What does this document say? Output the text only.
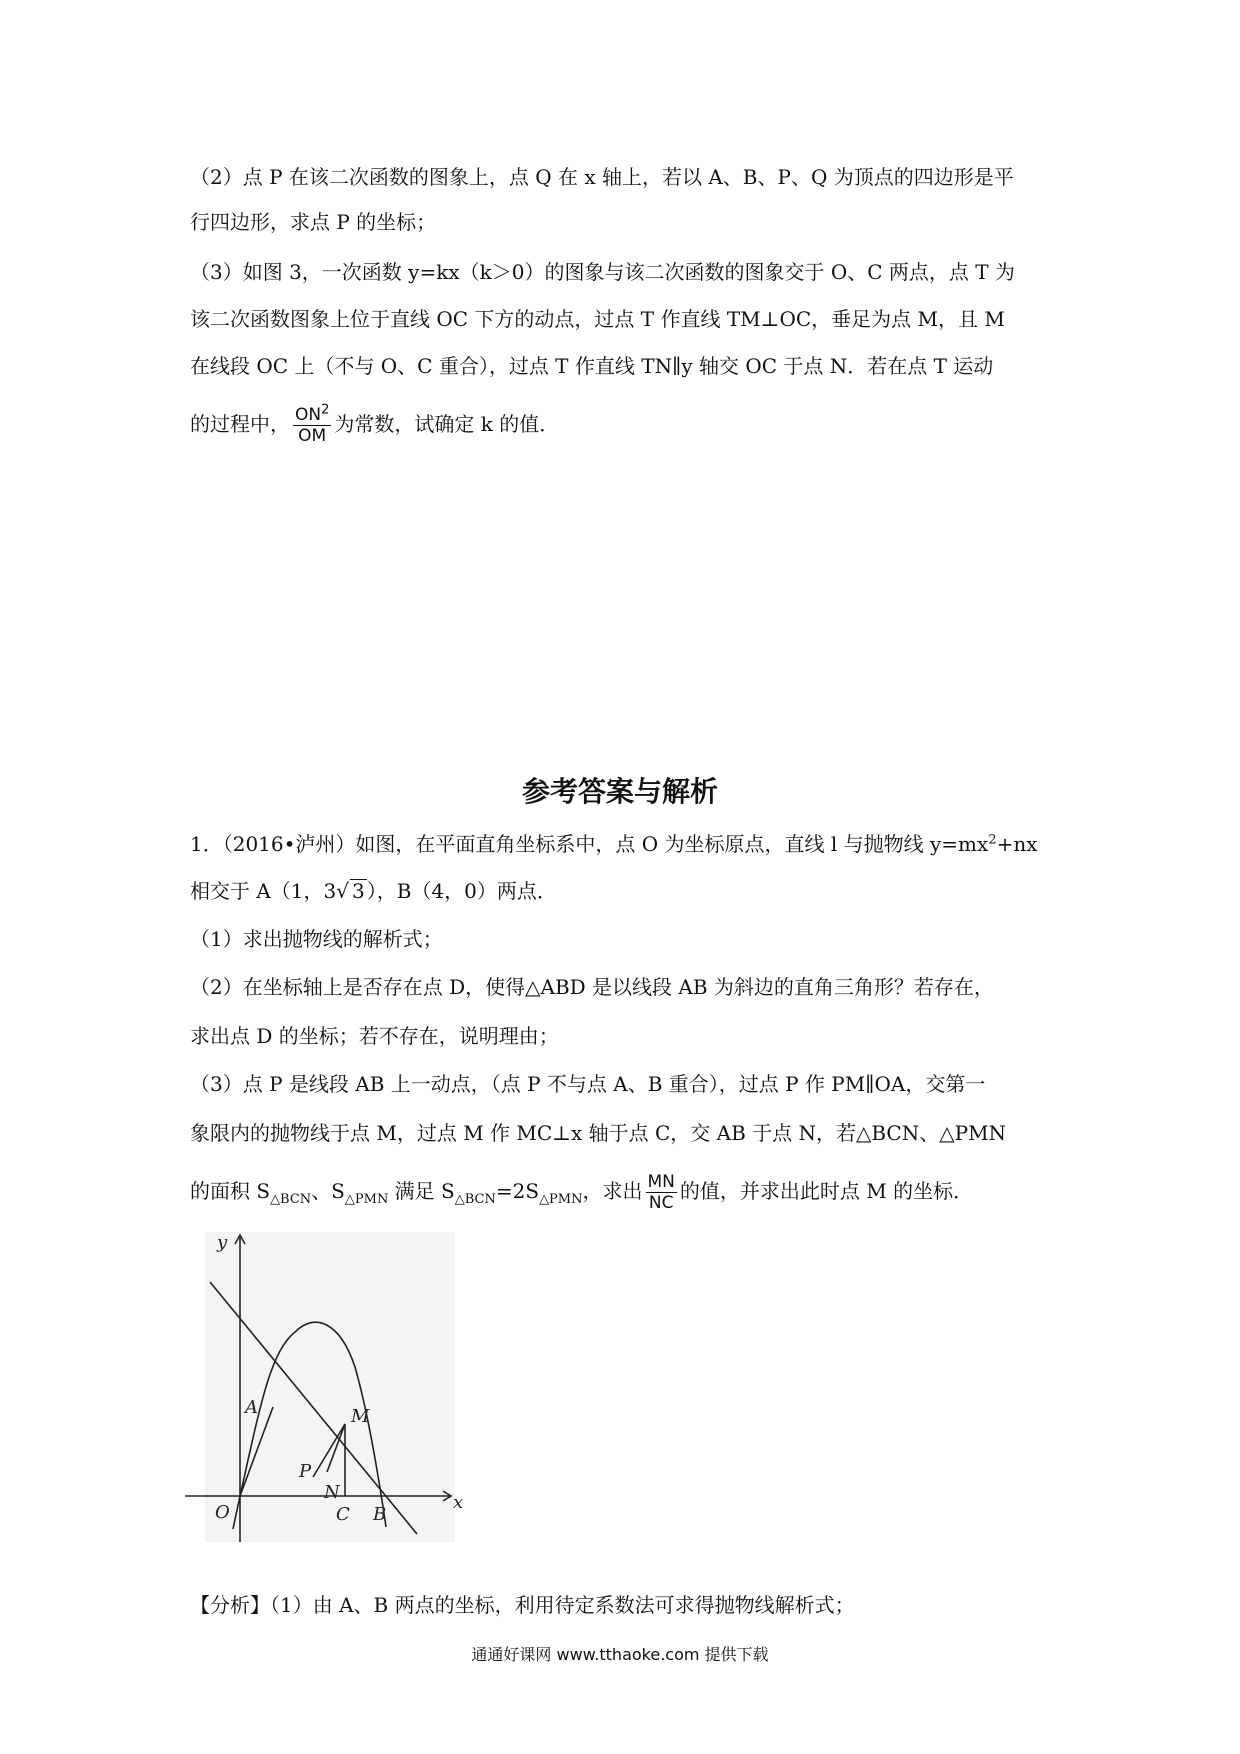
（2）点 P 在该二次函数的图象上，点 Q 在 x 轴上，若以 A、B、P、Q 为顶点的四边形是平
行四边形，求点 P 的坐标；
（3）如图 3，一次函数 y=kx（k＞0）的图象与该二次函数的图象交于 O、C 两点，点 T 为
该二次函数图象上位于直线 OC 下方的动点，过点 T 作直线 TM⊥OC，垂足为点 M，且 M
在线段 OC 上（不与 O、C 重合），过点 T 作直线 TN∥y 轴交 OC 于点 N．若在点 T 运动
的过程中， $\frac{ON^2}{OM}$ 为常数，试确定 k 的值．
参考答案与解析
1．（2016•泸州）如图，在平面直角坐标系中，点 O 为坐标原点，直线 l 与抛物线 $y=mx^2+nx$
相交于 A（1，3√ 3 ），B（4，0）两点．
（1）求出抛物线的解析式；
（2）在坐标轴上是否存在点 D，使得△ABD 是以线段 AB 为斜边的直角三角形？若存在，
求出点 D 的坐标；若不存在，说明理由；
（3）点 P 是线段 AB 上一动点，（点 P 不与点 A、B 重合），过点 P 作 PM∥OA，交第一
象限内的抛物线于点 M，过点 M 作 MC⊥x 轴于点 C，交 AB 于点 N，若△BCN、△PMN
的面积 $S_{\triangle BCN}$、$S_{\triangle PMN}$ 满足 $S_{\triangle BCN}=2S_{\triangle PMN}$，求出 $\frac{MN}{NC}$ 的值，并求出此时点 M 的坐标．
y
x
O
A	M
P
N
C B
【分析】（1）由 A、B 两点的坐标，利用待定系数法可求得抛物线解析式；
通通好课网 www.tthaoke.com 提供下载
